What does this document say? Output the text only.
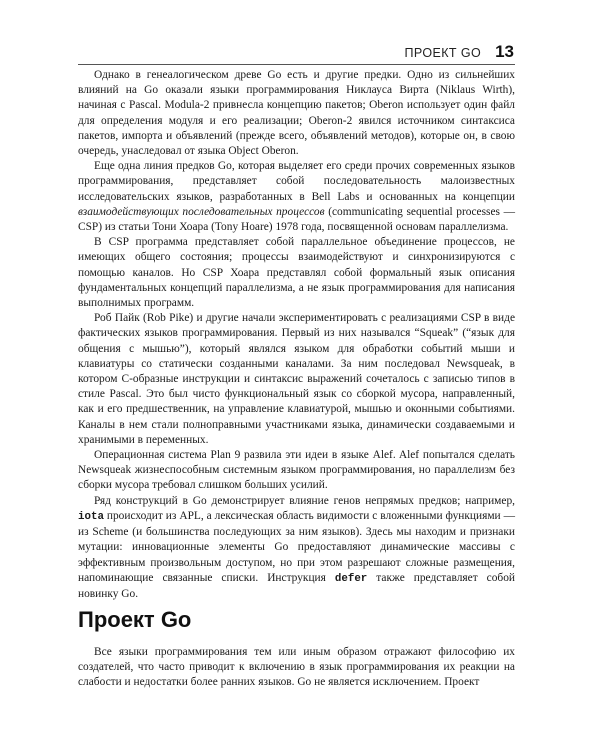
ПРОЕКТ GO 13

Однако в генеалогическом древе Go есть и другие предки. Одно из сильнейших влияний на Go оказали языки программирования Никлауса Вирта (Niklaus Wirth), начиная с Pascal. Modula-2 привнесла концепцию пакетов; Oberon использует один файл для определения модуля и его реализации; Oberon-2 явился источником синтаксиса пакетов, импорта и объявлений (прежде всего, объявлений методов), которые он, в свою очередь, унаследовал от языка Object Oberon.

Еще одна линия предков Go, которая выделяет его среди прочих современных языков программирования, представляет собой последовательность малоизвестных исследовательских языков, разработанных в Bell Labs и основанных на концепции взаимодействующих последовательных процессов (communicating sequential processes — CSP) из статьи Тони Хоара (Tony Hoare) 1978 года, посвященной основам параллелизма.

В CSP программа представляет собой параллельное объединение процессов, не имеющих общего состояния; процессы взаимодействуют и синхронизируются с помощью каналов. Но CSP Хоара представлял собой формальный язык описания фундаментальных концепций параллелизма, а не язык программирования для написания выполнимых программ.

Роб Пайк (Rob Pike) и другие начали экспериментировать с реализациями CSP в виде фактических языков программирования. Первый из них назывался “Squeak” (“язык для общения с мышью”), который являлся языком для обработки событий мыши и клавиатуры со статически созданными каналами. За ним последовал Newsqueak, в котором С-образные инструкции и синтаксис выражений сочеталось с записью типов в стиле Pascal. Это был чисто функциональный язык со сборкой мусора, направленный, как и его предшественник, на управление клавиатурой, мышью и оконными событиями. Каналы в нем стали полноправными участниками языка, динамически создаваемыми и хранимыми в переменных.

Операционная система Plan 9 развила эти идеи в языке Alef. Alef попытался сделать Newsqueak жизнеспособным системным языком программирования, но параллелизм без сборки мусора требовал слишком больших усилий.

Ряд конструкций в Go демонстрирует влияние генов непрямых предков; например, iota происходит из APL, а лексическая область видимости с вложенными функциями — из Scheme (и большинства последующих за ним языков). Здесь мы находим и признаки мутации: инновационные элементы Go предоставляют динамические массивы с эффективным произвольным доступом, но при этом разрешают сложные размещения, напоминающие связанные списки. Инструкция defer также представляет собой новинку Go.

Проект Go

Все языки программирования тем или иным образом отражают философию их создателей, что часто приводит к включению в язык программирования их реакции на слабости и недостатки более ранних языков. Go не является исключением. Проект
